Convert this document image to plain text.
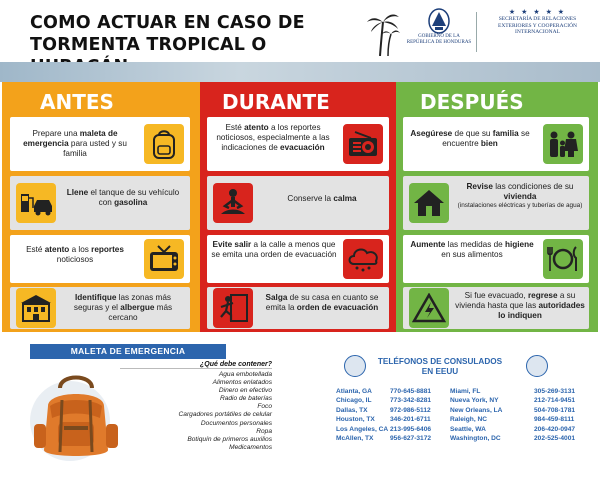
COMO ACTUAR EN CASO DE
TORMENTA TROPICAL O	GOBIERNO DE LA REPÚBLICA DE HONDURAS
★ ★ ★ ★ ★
SECRETARÍA DE RELACIONES
EXTERIORES Y COOPERACIÓN
INTERNACIONAL
ANTES	DURANTE	DESPUÉS
Prepare una maleta de emergencia para usted y su familia
Llene el tanque de su vehículo con gasolina
Esté atento a los reportes noticiosos
Identifique las zonas más seguras y el albergue más cercano
Esté atento a los reportes noticiosos, especialmente a las indicaciones de evacuación
Conserve la calma
Evite salir a la calle a menos que se emita una orden de evacuación
Salga de su casa en cuanto se emita la orden de evacuación
Asegúrese de que su familia se encuentre bien
Revise las condiciones de su vivienda
(instalaciones eléctricas y tuberías de agua)
Aumente las medidas de higiene en sus alimentos
Si fue evacuado, regrese a su vivienda hasta que las autoridades lo indiquen
MALETA DE EMERGENCIA
¿Qué debe contener?
Agua embotellada
Alimentos enlatados
Dinero en efectivo
Radio de baterías
Foco
Cargadores portátiles de celular
Documentos personales
Ropa
Botiquín de primeros auxilios
Medicamentos
TELÉFONOS DE CONSULADOS
EN EEUU
Atlanta, GA	770-645-8881	Miami, FL	305-269-3131
Chicago, IL	773-342-8281	Nueva York, NY	212-714-9451
Dallas, TX	972-986-5112	New Orleans, LA	504-708-1781
Houston, TX	346-201-6711	Raleigh, NC	984-459-8111
Los Angeles, CA 213-995-6406	Seattle, WA	206-420-0947
McAllen, TX	956-627-3172	Washington, DC	202-525-4001
